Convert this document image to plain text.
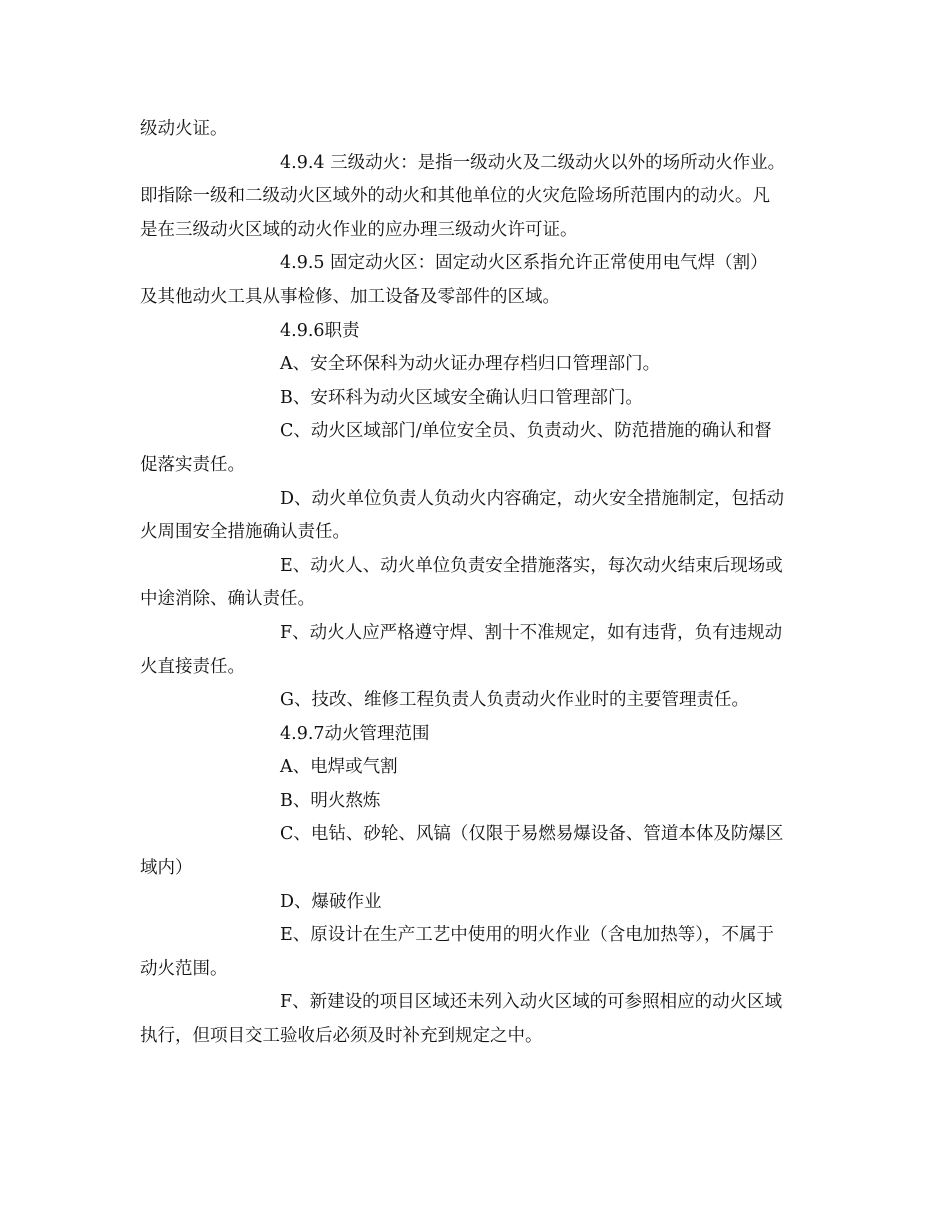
级动火证。

4.9.4 三级动火：是指一级动火及二级动火以外的场所动火作业。

即指除一级和二级动火区域外的动火和其他单位的火灾危险场所范围内的动火。凡

是在三级动火区域的动火作业的应办理三级动火许可证。

4.9.5 固定动火区：固定动火区系指允许正常使用电气焊（割）

及其他动火工具从事检修、加工设备及零部件的区域。

4.9.6职责

A、安全环保科为动火证办理存档归口管理部门。

B、安环科为动火区域安全确认归口管理部门。

C、动火区域部门/单位安全员、负责动火、防范措施的确认和督

促落实责任。

D、动火单位负责人负动火内容确定，动火安全措施制定，包括动

火周围安全措施确认责任。

E、动火人、动火单位负责安全措施落实，每次动火结束后现场或

中途消除、确认责任。

F、动火人应严格遵守焊、割十不准规定，如有违背，负有违规动

火直接责任。

G、技改、维修工程负责人负责动火作业时的主要管理责任。

4.9.7动火管理范围

A、电焊或气割

B、明火熬炼

C、电钻、砂轮、风镐（仅限于易燃易爆设备、管道本体及防爆区

域内）

D、爆破作业

E、原设计在生产工艺中使用的明火作业（含电加热等），不属于

动火范围。

F、新建设的项目区域还未列入动火区域的可参照相应的动火区域

执行，但项目交工验收后必须及时补充到规定之中。
